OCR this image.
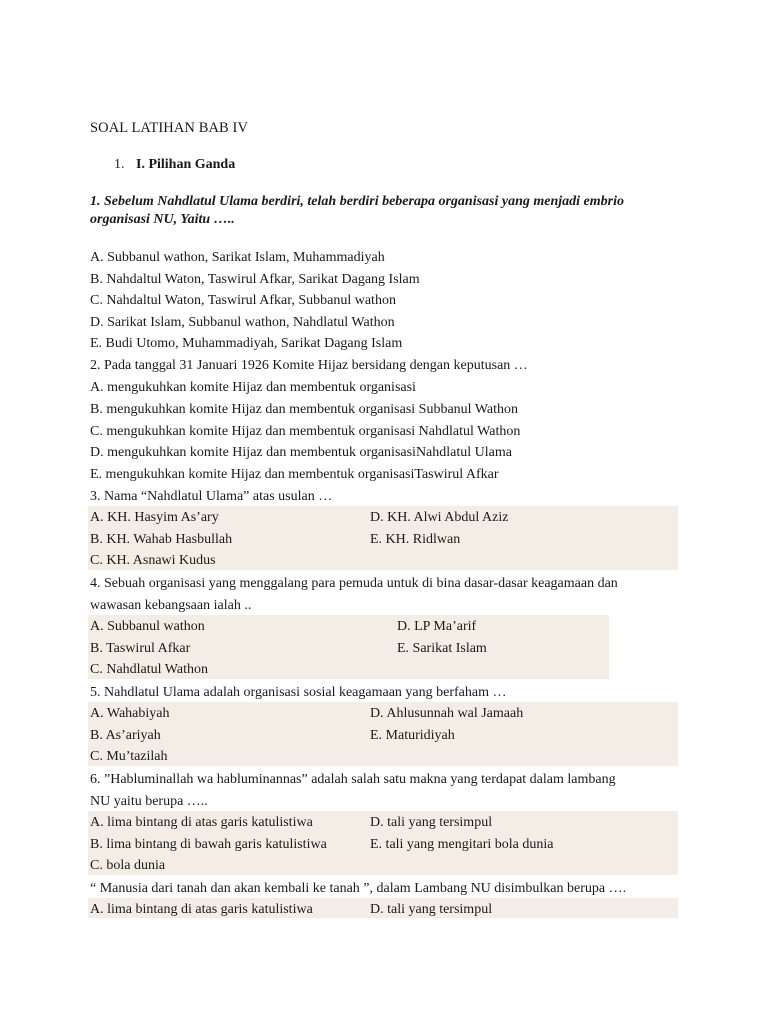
SOAL LATIHAN BAB IV
1. I. Pilihan Ganda
1. Sebelum Nahdlatul Ulama berdiri, telah berdiri beberapa organisasi yang menjadi embrio
organisasi NU, Yaitu …..
A. Subbanul wathon, Sarikat Islam, Muhammadiyah
B. Nahdaltul Waton, Taswirul Afkar, Sarikat Dagang Islam
C. Nahdaltul Waton, Taswirul Afkar, Subbanul wathon
D. Sarikat Islam, Subbanul wathon, Nahdlatul Wathon
E. Budi Utomo, Muhammadiyah, Sarikat Dagang Islam
2. Pada tanggal 31 Januari 1926 Komite Hijaz bersidang dengan keputusan …
A. mengukuhkan komite Hijaz dan membentuk organisasi
B. mengukuhkan komite Hijaz dan membentuk organisasi Subbanul Wathon
C. mengukuhkan komite Hijaz dan membentuk organisasi Nahdlatul Wathon
D. mengukuhkan komite Hijaz dan membentuk organisasiNahdlatul Ulama
E. mengukuhkan komite Hijaz dan membentuk organisasiTaswirul Afkar
3. Nama “Nahdlatul Ulama” atas usulan …
A. KH. Hasyim As’ary
B. KH. Wahab Hasbullah
C. KH. Asnawi Kudus
D. KH. Alwi Abdul Aziz
E. KH. Ridlwan
4. Sebuah organisasi yang menggalang para pemuda untuk di bina dasar-dasar keagamaan dan
wawasan kebangsaan ialah ..
A. Subbanul wathon
B. Taswirul Afkar
C. Nahdlatul Wathon
D. LP Ma’arif
E. Sarikat Islam
5. Nahdlatul Ulama adalah organisasi sosial keagamaan yang berfaham …
A. Wahabiyah
B. As’ariyah
C. Mu’tazilah
D. Ahlusunnah wal Jamaah
E. Maturidiyah
6. ”Habluminallah wa habluminannas” adalah salah satu makna yang terdapat dalam lambang
NU yaitu berupa …..
A. lima bintang di atas garis katulistiwa
B. lima bintang di bawah garis katulistiwa
C. bola dunia
D. tali yang tersimpul
E. tali yang mengitari bola dunia
“ Manusia dari tanah dan akan kembali ke tanah ”, dalam Lambang NU disimbulkan berupa ….
A. lima bintang di atas garis katulistiwa	D. tali yang tersimpul
